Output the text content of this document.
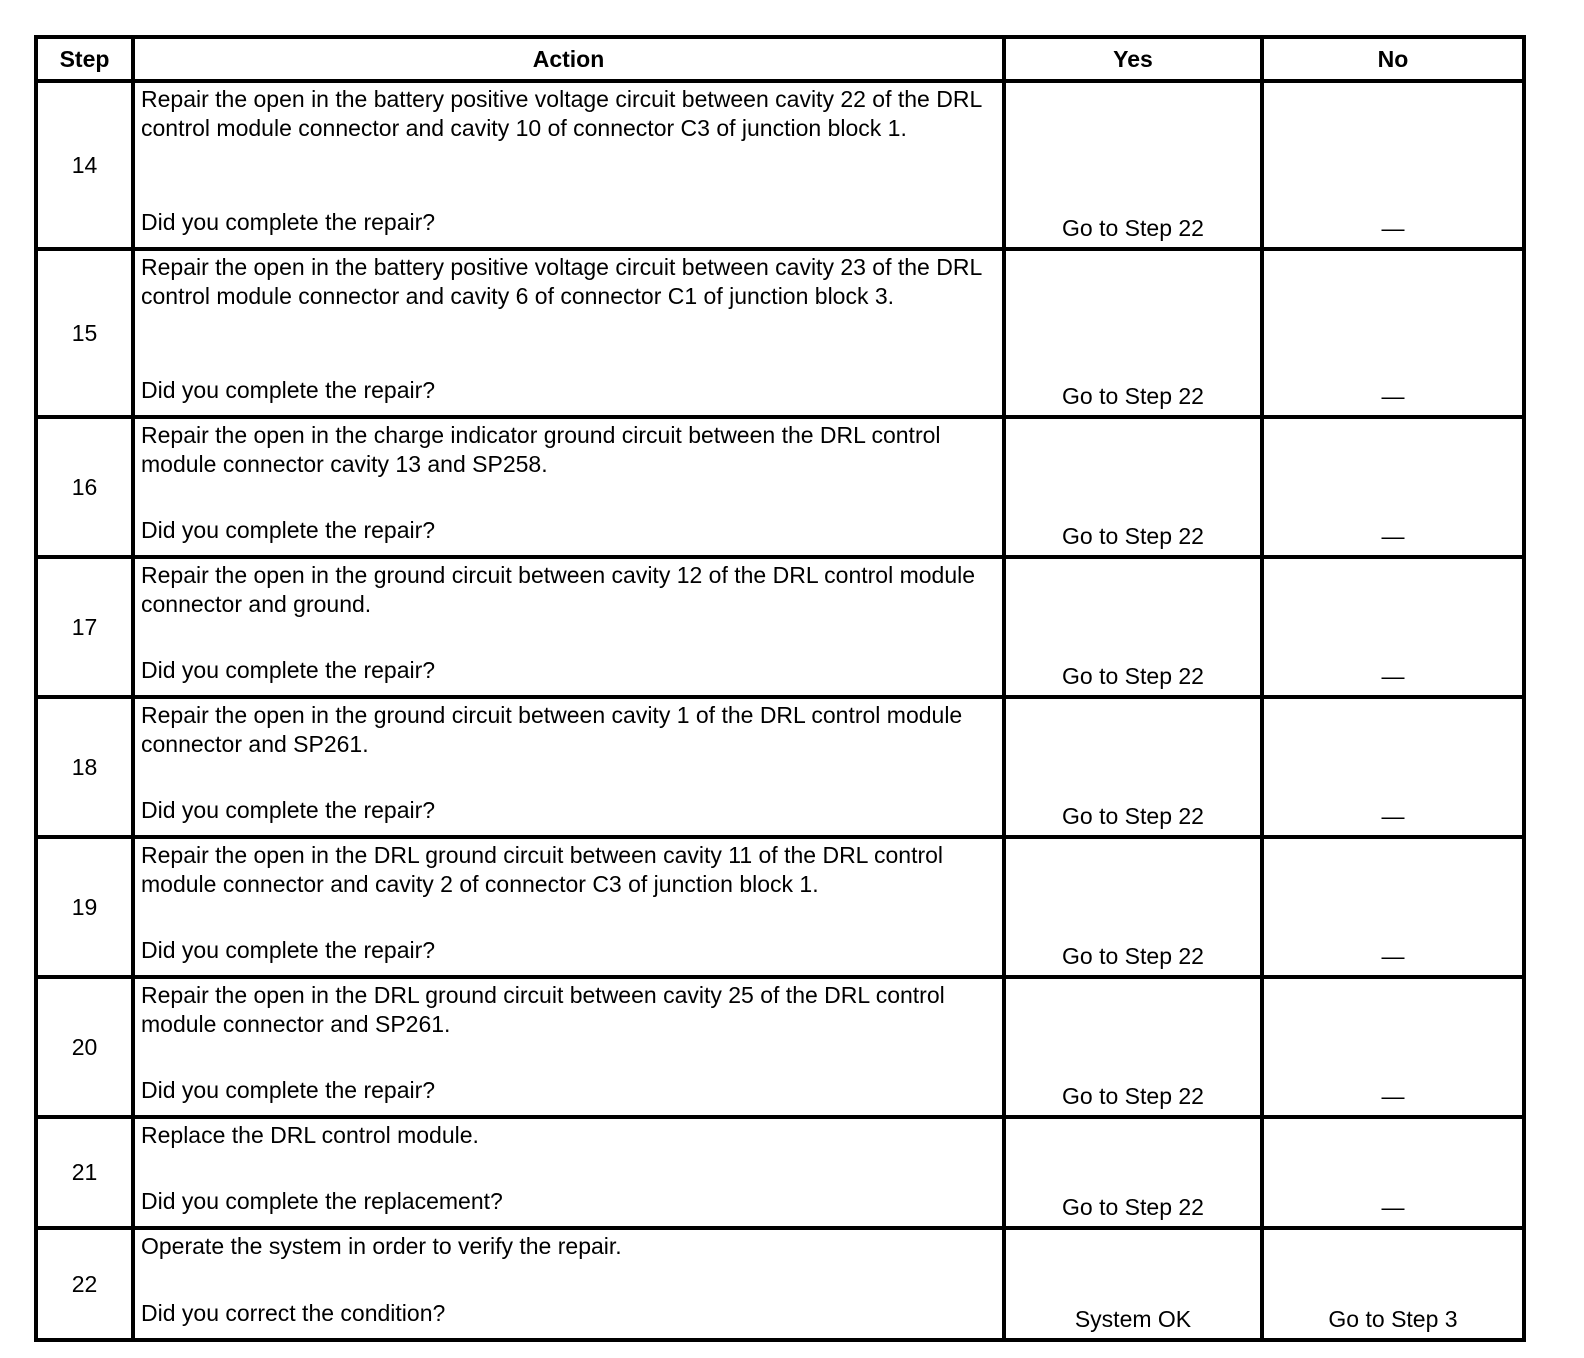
Step	Action	Yes	No
14	Repair the open in the battery positive voltage circuit between cavity 22 of the DRL control module connector and cavity 10 of connector C3 of junction block 1.
Did you complete the repair?	Go to Step 22	—
15	Repair the open in the battery positive voltage circuit between cavity 23 of the DRL control module connector and cavity 6 of connector C1 of junction block 3.
Did you complete the repair?	Go to Step 22	—
16	Repair the open in the charge indicator ground circuit between the DRL control module connector cavity 13 and SP258.
Did you complete the repair?	Go to Step 22	—
17	Repair the open in the ground circuit between cavity 12 of the DRL control module connector and ground.
Did you complete the repair?	Go to Step 22	—
18	Repair the open in the ground circuit between cavity 1 of the DRL control module connector and SP261.
Did you complete the repair?	Go to Step 22	—
19	Repair the open in the DRL ground circuit between cavity 11 of the DRL control module connector and cavity 2 of connector C3 of junction block 1.
Did you complete the repair?	Go to Step 22	—
20	Repair the open in the DRL ground circuit between cavity 25 of the DRL control module connector and SP261.
Did you complete the repair?	Go to Step 22	—
21	Replace the DRL control module.
Did you complete the replacement?	Go to Step 22	—
22	Operate the system in order to verify the repair.
Did you correct the condition?	System OK	Go to Step 3
